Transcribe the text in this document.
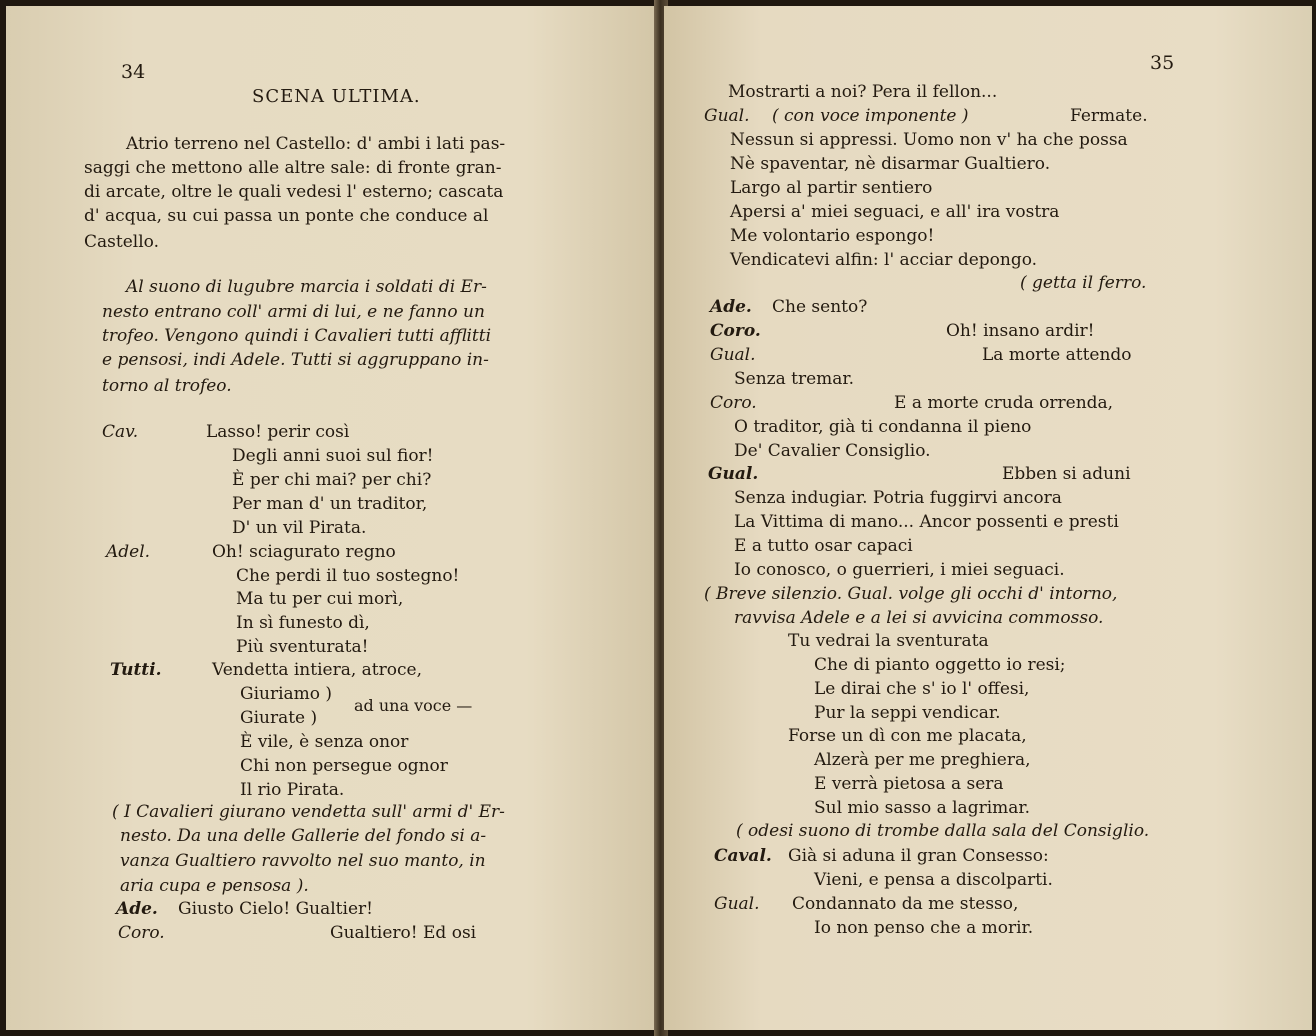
34
SCENA ULTIMA.
Atrio terreno nel Castello: d' ambi i lati pas-
saggi che mettono alle altre sale: di fronte gran-
di arcate, oltre le quali vedesi l' esterno; cascata
d' acqua, su cui passa un ponte che conduce al
Castello.
Al suono di lugubre marcia i soldati di Er-
nesto entrano coll' armi di lui, e ne fanno un
trofeo. Vengono quindi i Cavalieri tutti afflitti
e pensosi, indi Adele. Tutti si aggruppano in-
torno al trofeo.
Cav.	Lasso! perir così
Degli anni suoi sul fior!
È per chi mai? per chi?
Per man d' un traditor,
D' un vil Pirata.
Adel.	Oh! sciagurato regno
Che perdi il tuo sostegno!
Ma tu per cui morì,
In sì funesto dì,
Più sventurata!
Tutti.	Vendetta intiera, atroce,
Giuriamo )
Giurate )
ad una voce —
È vile, è senza onor
Chi non persegue ognor
Il rio Pirata.
( I Cavalieri giurano vendetta sull' armi d' Er-
nesto. Da una delle Gallerie del fondo si a-
vanza Gualtiero ravvolto nel suo manto, in
aria cupa e pensosa ).
Ade. Giusto Cielo! Gualtier!
Coro.	Gualtiero! Ed osi
35
Mostrarti a noi? Pera il fellon...
Gual. ( con voce imponente )	Fermate.
Nessun si appressi. Uomo non v' ha che possa
Nè spaventar, nè disarmar Gualtiero.
Largo al partir sentiero
Apersi a' miei seguaci, e all' ira vostra
Me volontario espongo!
Vendicatevi alfin: l' acciar depongo.
( getta il ferro.
Ade. Che sento?
Coro.	Oh! insano ardir!
Gual.	La morte attendo
Senza tremar.
Coro.	E a morte cruda orrenda,
O traditor, già ti condanna il pieno
De' Cavalier Consiglio.
Gual.	Ebben si aduni
Senza indugiar. Potria fuggirvi ancora
La Vittima di mano... Ancor possenti e presti
E a tutto osar capaci
Io conosco, o guerrieri, i miei seguaci.
( Breve silenzio. Gual. volge gli occhi d' intorno,
ravvisa Adele e a lei si avvicina commosso.
Tu vedrai la sventurata
Che di pianto oggetto io resi;
Le dirai che s' io l' offesi,
Pur la seppi vendicar.
Forse un dì con me placata,
Alzerà per me preghiera,
E verrà pietosa a sera
Sul mio sasso a lagrimar.
( odesi suono di trombe dalla sala del Consiglio.
Caval. Già si aduna il gran Consesso:
Vieni, e pensa a discolparti.
Gual. Condannato da me stesso,
Io non penso che a morir.
